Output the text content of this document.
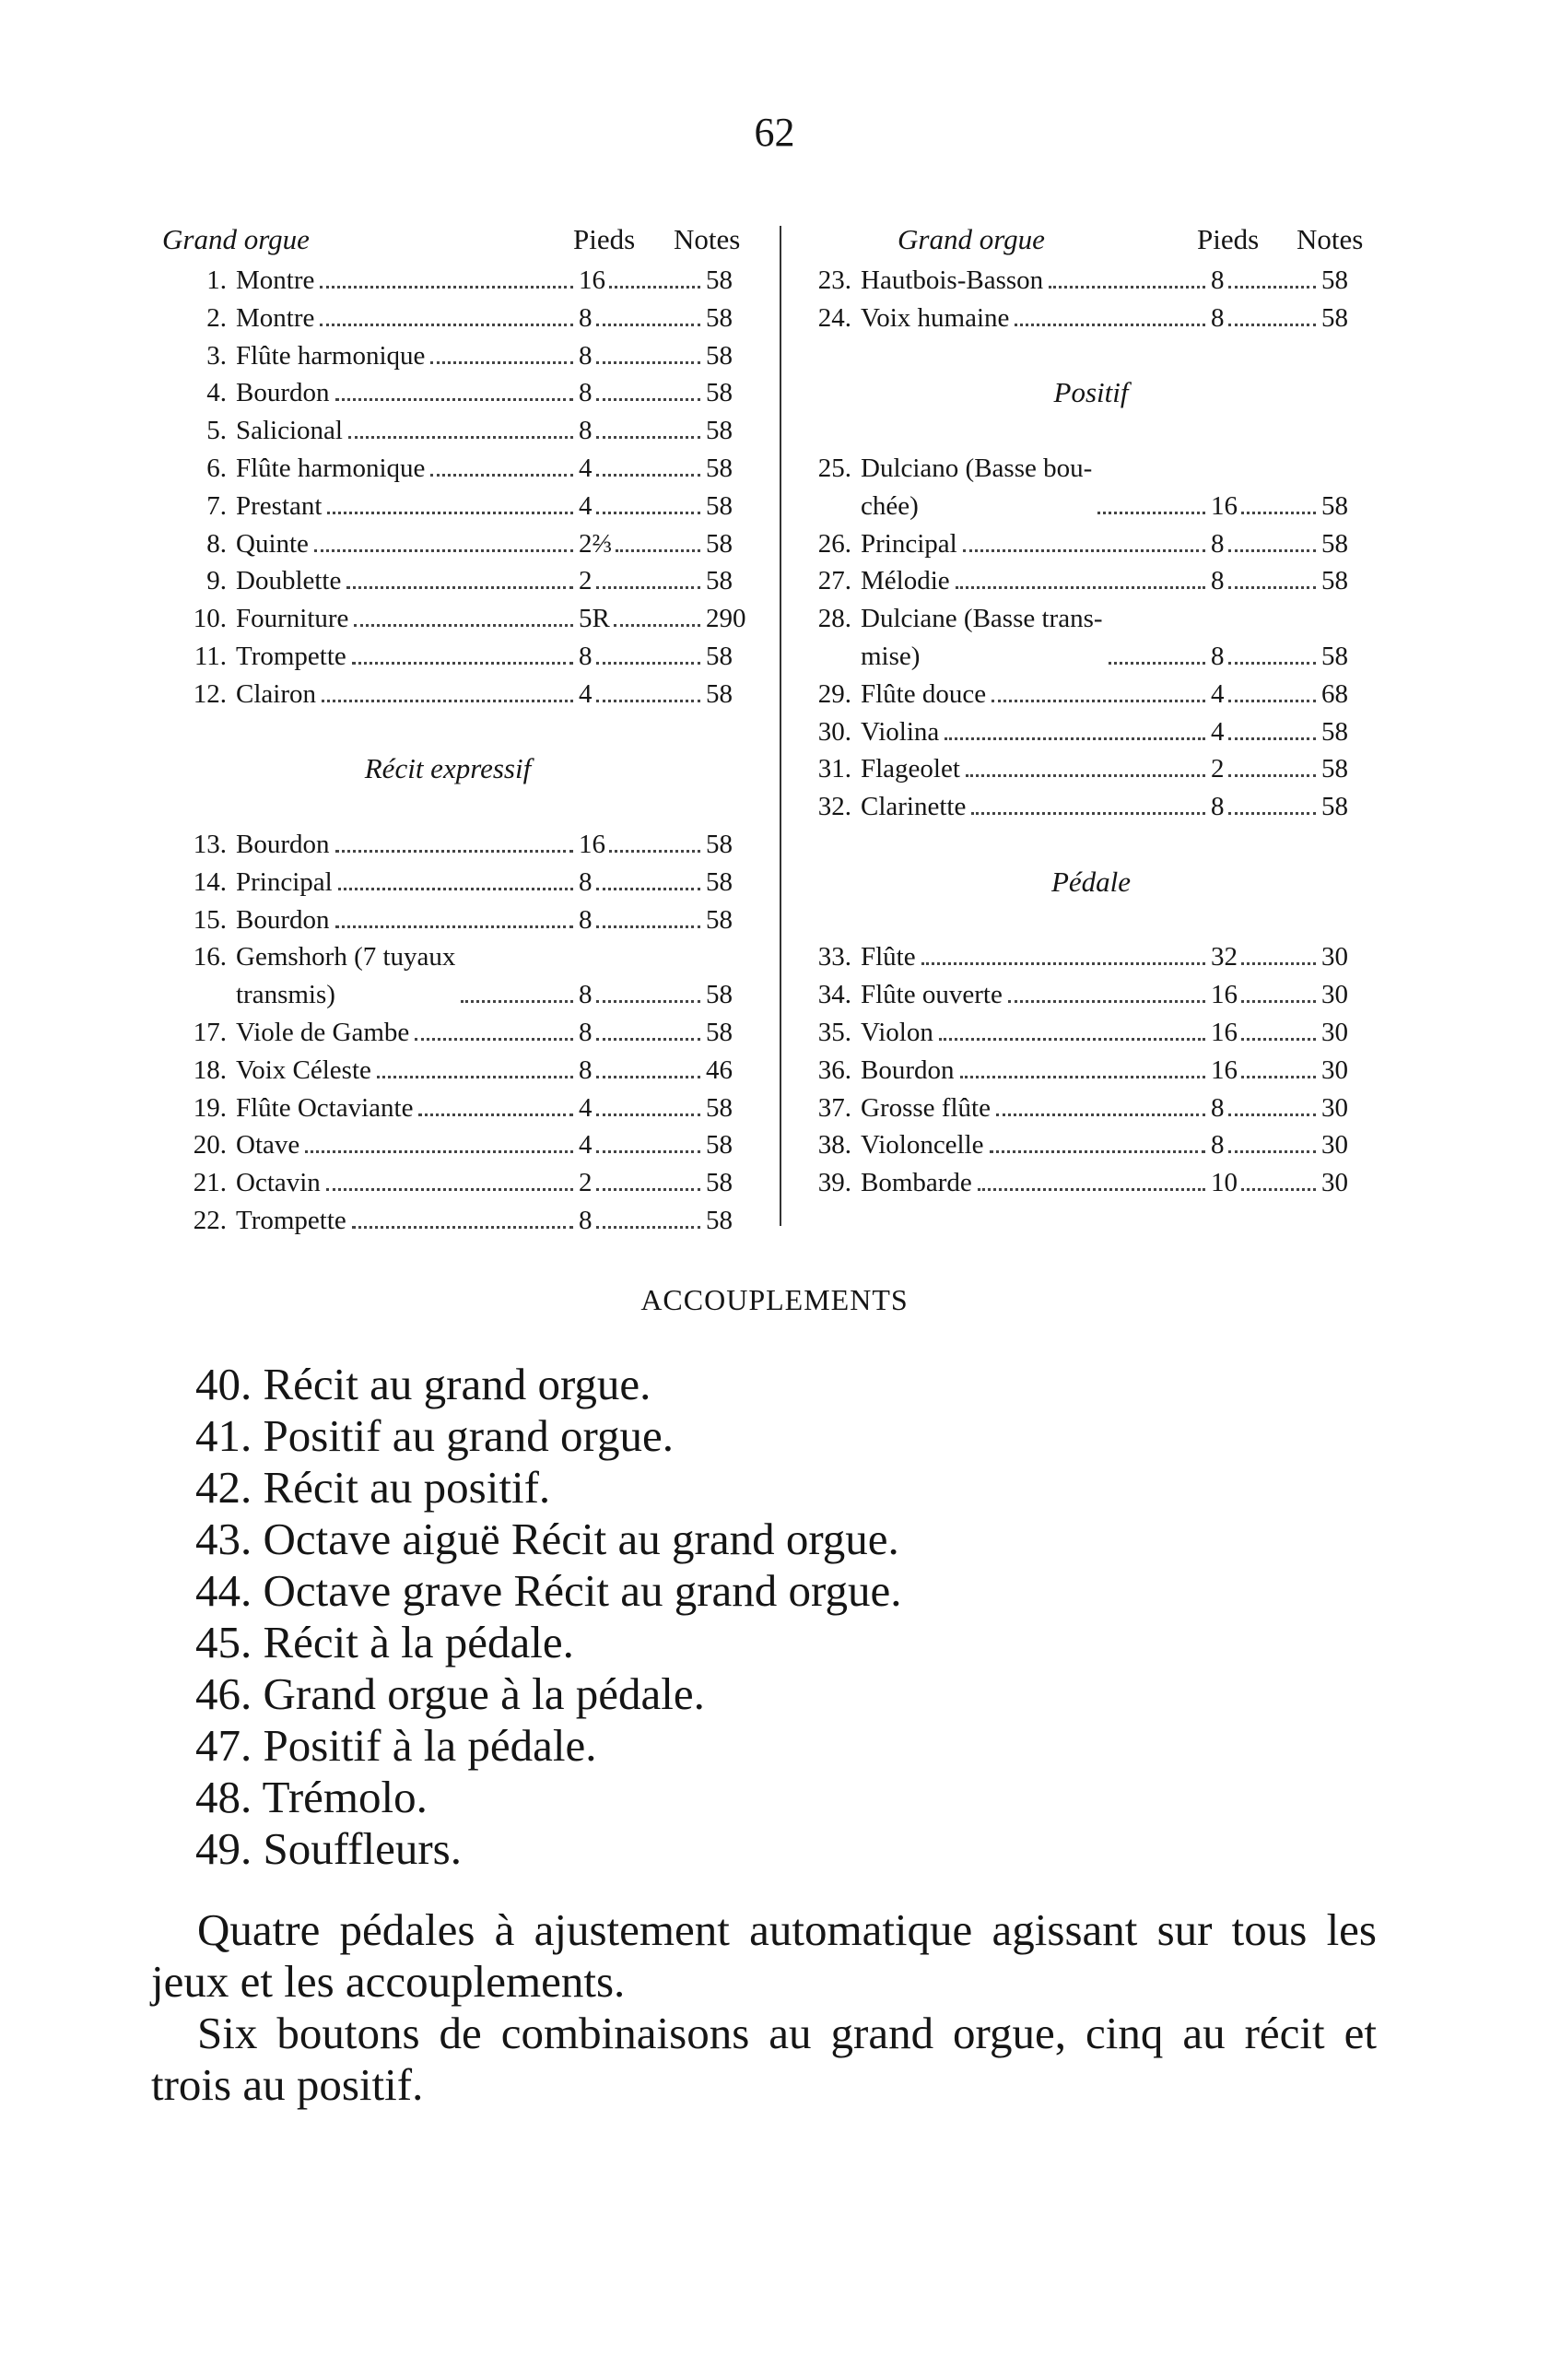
62
Grand orgue	Pieds Notes
1. Montre	16	58
2. Montre	8	58
3. Flûte harmonique	8	58
4. Bourdon	8	58
5. Salicional	8	58
6. Flûte harmonique	4	58
7. Prestant	4	58
8. Quinte	2⅔	58
9. Doublette	2	58
10. Fourniture	5R	290
11. Trompette	8	58
12. Clairon	4	58
Récit expressif
13. Bourdon	16	58
14. Principal	8	58
15. Bourdon	8	58
16. Gemshorh (7 tuyaux
transmis)	8	58
17. Viole de Gambe	8	58
18. Voix Céleste	8	46
19. Flûte Octaviante	4	58
20. Otave	4	58
21. Octavin	2	58
22. Trompette	8	58
Grand orgue	Pieds Notes
23. Hautbois-Basson	8	58
24. Voix humaine	8	58
Positif
25. Dulciano (Basse bou-
chée)	16	58
26. Principal	8	58
27. Mélodie	8	58
28. Dulciane (Basse trans-
mise)	8	58
29. Flûte douce	4	68
30. Violina	4	58
31. Flageolet	2	58
32. Clarinette	8	58
Pédale
33. Flûte	32	30
34. Flûte ouverte	16	30
35. Violon	16	30
36. Bourdon	16	30
37. Grosse flûte	8	30
38. Violoncelle	8	30
39. Bombarde	10	30
ACCOUPLEMENTS
40. Récit au grand orgue.
41. Positif au grand orgue.
42. Récit au positif.
43. Octave aiguë Récit au grand orgue.
44. Octave grave Récit au grand orgue.
45. Récit à la pédale.
46. Grand orgue à la pédale.
47. Positif à la pédale.
48. Trémolo.
49. Souffleurs.

Quatre pédales à ajustement automatique agissant sur tous les jeux et les accouplements.

Six boutons de combinaisons au grand orgue, cinq au récit et trois au positif.
